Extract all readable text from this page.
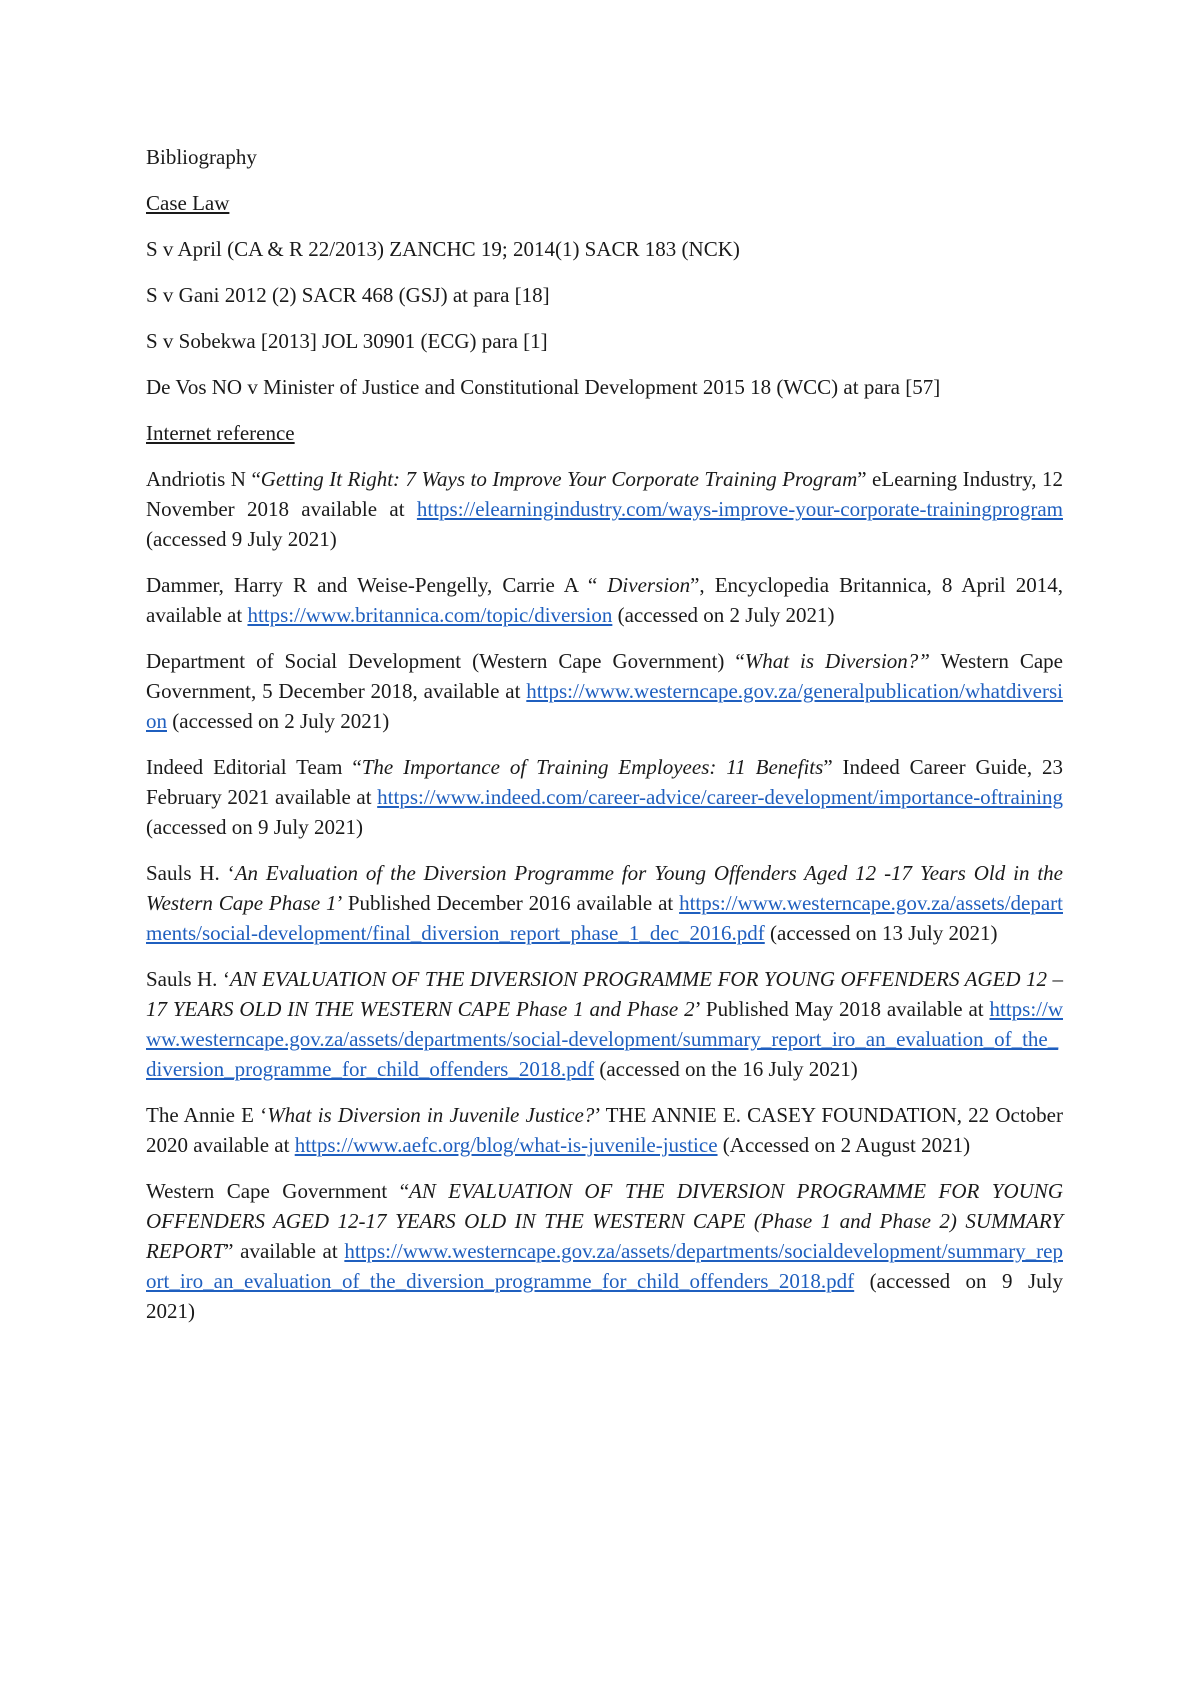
Bibliography

Case Law

S v April (CA & R 22/2013) ZANCHC 19; 2014(1) SACR 183 (NCK)

S v Gani 2012 (2) SACR 468 (GSJ) at para [18]

S v Sobekwa [2013] JOL 30901 (ECG) para [1]

De Vos NO v Minister of Justice and Constitutional Development 2015 18 (WCC) at para [57]

Internet reference

Andriotis N “Getting It Right: 7 Ways to Improve Your Corporate Training Program” eLearning Industry, 12 November 2018 available at https://elearningindustry.com/ways-improve-your-corporate-trainingprogram (accessed 9 July 2021)

Dammer, Harry R and Weise-Pengelly, Carrie A “ Diversion”, Encyclopedia Britannica, 8 April 2014, available at https://www.britannica.com/topic/diversion (accessed on 2 July 2021)

Department of Social Development (Western Cape Government) “What is Diversion?” Western Cape Government, 5 December 2018, available at https://www.westerncape.gov.za/generalpublication/whatdiversion (accessed on 2 July 2021)

Indeed Editorial Team “The Importance of Training Employees: 11 Benefits” Indeed Career Guide, 23 February 2021 available at https://www.indeed.com/career-advice/career-development/importance-oftraining (accessed on 9 July 2021)

Sauls H. ‘An Evaluation of the Diversion Programme for Young Offenders Aged 12 -17 Years Old in the Western Cape Phase 1’ Published December 2016 available at https://www.westerncape.gov.za/assets/departments/social-development/final_diversion_report_phase_1_dec_2016.pdf (accessed on 13 July 2021)

Sauls H. ‘AN EVALUATION OF THE DIVERSION PROGRAMME FOR YOUNG OFFENDERS AGED 12 – 17 YEARS OLD IN THE WESTERN CAPE Phase 1 and Phase 2’ Published May 2018 available at https://www.westerncape.gov.za/assets/departments/social-development/summary_report_iro_an_evaluation_of_the_diversion_programme_for_child_offenders_2018.pdf (accessed on the 16 July 2021)

The Annie E ‘What is Diversion in Juvenile Justice?’ THE ANNIE E. CASEY FOUNDATION, 22 October 2020 available at https://www.aefc.org/blog/what-is-juvenile-justice (Accessed on 2 August 2021)

Western Cape Government “AN EVALUATION OF THE DIVERSION PROGRAMME FOR YOUNG OFFENDERS AGED 12-17 YEARS OLD IN THE WESTERN CAPE (Phase 1 and Phase 2) SUMMARY REPORT” available at https://www.westerncape.gov.za/assets/departments/socialdevelopment/summary_report_iro_an_evaluation_of_the_diversion_programme_for_child_offenders_2018.pdf (accessed on 9 July 2021)
